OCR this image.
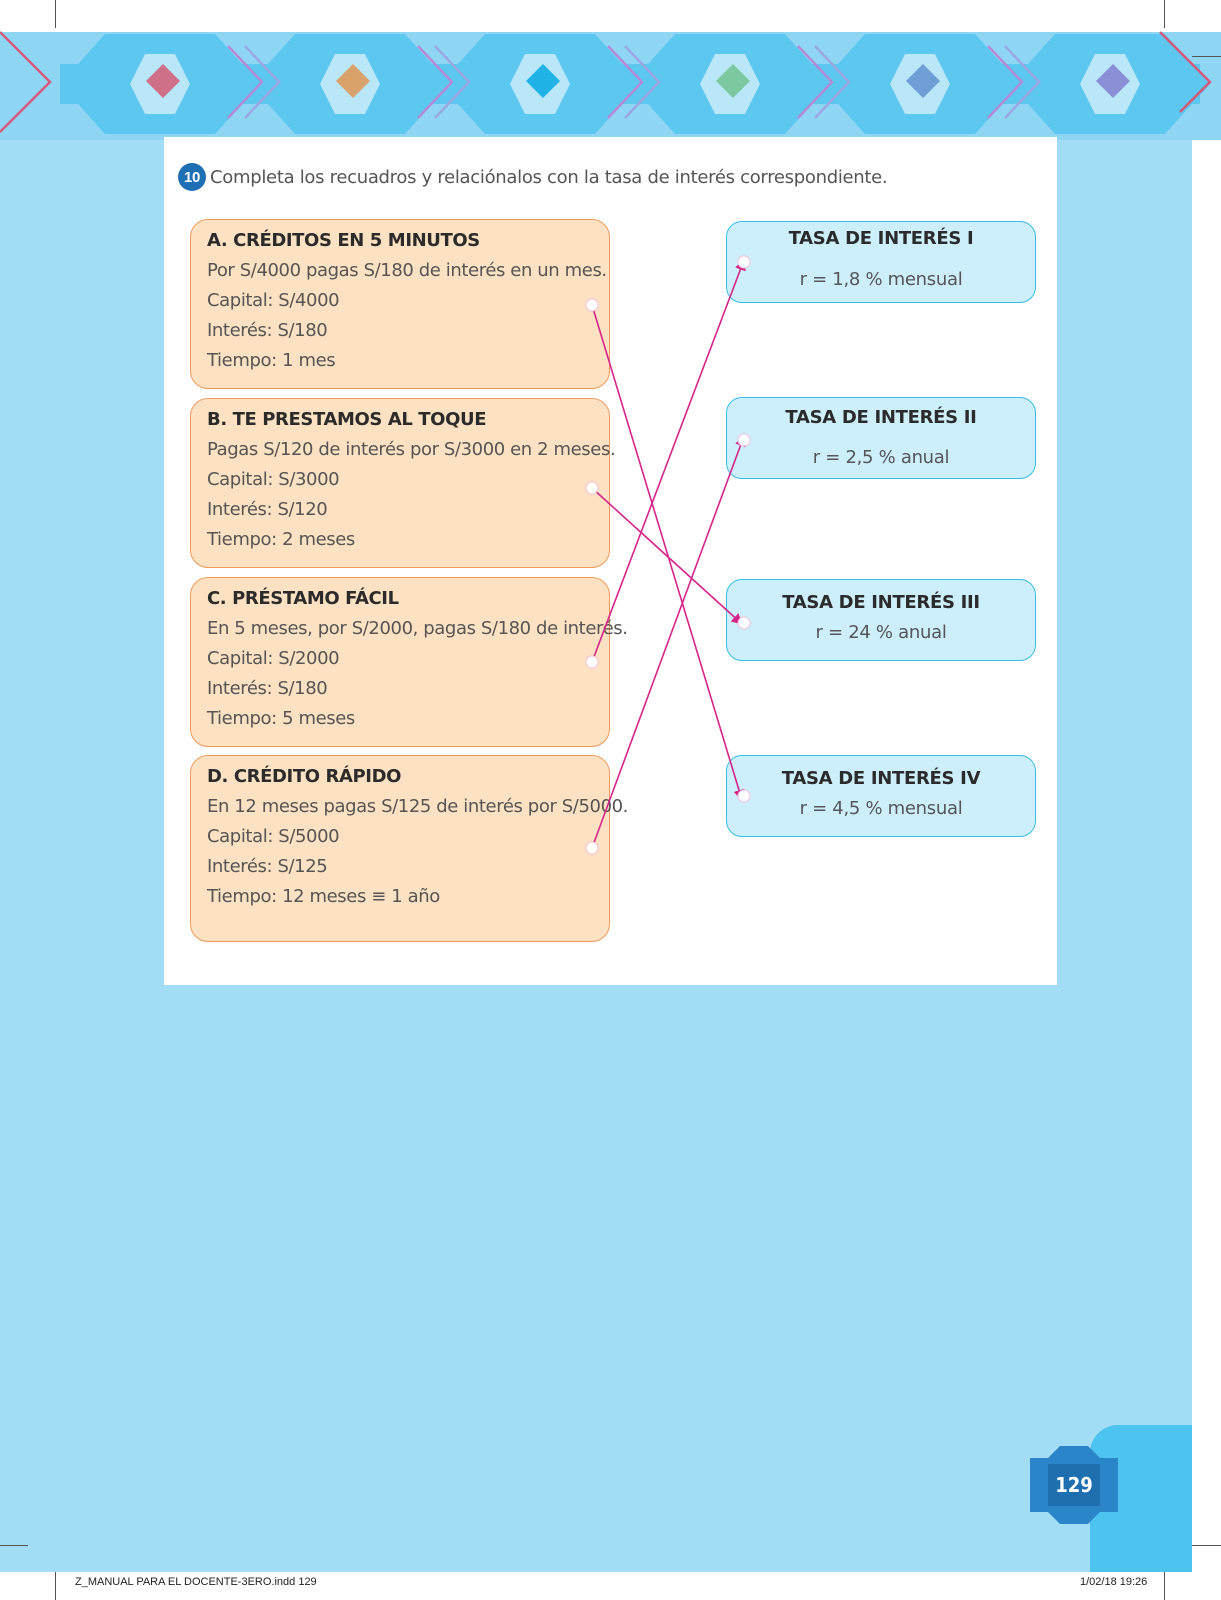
10 Completa los recuadros y relaciónalos con la tasa de interés correspondiente.
A. CRÉDITOS EN 5 MINUTOS
Por S/4000 pagas S/180 de interés en un mes.
Capital: S/4000
Interés: S/180
Tiempo: 1 mes
B. TE PRESTAMOS AL TOQUE
Pagas S/120 de interés por S/3000 en 2 meses.
Capital: S/3000
Interés: S/120
Tiempo: 2 meses
C. PRÉSTAMO FÁCIL
En 5 meses, por S/2000, pagas S/180 de interés.
Capital: S/2000
Interés: S/180
Tiempo: 5 meses
D. CRÉDITO RÁPIDO
En 12 meses pagas S/125 de interés por S/5000.
Capital: S/5000
Interés: S/125
Tiempo: 12 meses ≡ 1 año
TASA DE INTERÉS I
r = 1,8 % mensual
TASA DE INTERÉS II
r = 2,5 % anual
TASA DE INTERÉS III
r = 24 % anual
TASA DE INTERÉS IV
r = 4,5 % mensual
129
Z_MANUAL PARA EL DOCENTE-3ERO.indd 129	1/02/18 19:26
